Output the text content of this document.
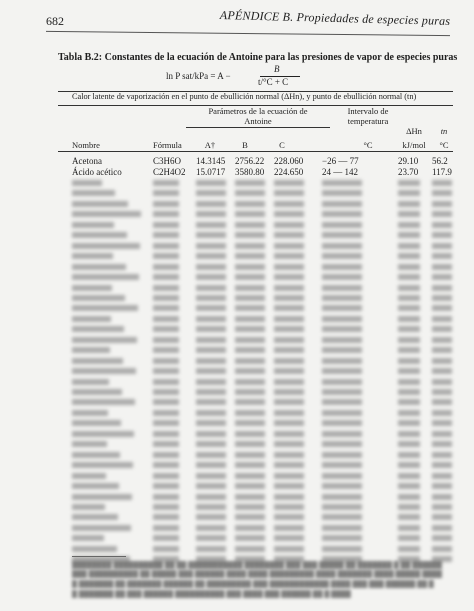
682	APÉNDICE B. Propiedades de especies puras
Tabla B.2: Constantes de la ecuación de Antoine para las presiones de vapor de especies puras
ln P sat/kPa = A −
B
t/°C + C
Calor latente de vaporización en el punto de ebullición normal (ΔHn), y punto de ebullición normal (tn)
Parámetros de la ecuación de Antoine
Intervalo de temperatura
ΔHn	tn
Nombre	Fórmula	A†	B	C	°C	kJ/mol	°C
Acetona	C3H6O 14.3145 2756.22 228.060 −26 — 77	29.10 56.2
Ácido acético	C2H4O2 15.0717 3580.80 224.650 24 — 142	23.70 117.9
████████ ██████████ ██ ██ ███████████ ████████ ███ ███ █████ ██ ███████ █ ██ ██████
███ ██████████ ██ █████ ███ ██████ ████ ████ █████████ ████ ███████ ████ █████ ████
█ ███████ ██ ███████ ██████ ██ █████████ ███ ████████████ ████ ███ ███ ██████ ██ █
█ ███████ ██ ███ ██████ ██████████ ███ ████ ███ ██████ ██ █ ████
